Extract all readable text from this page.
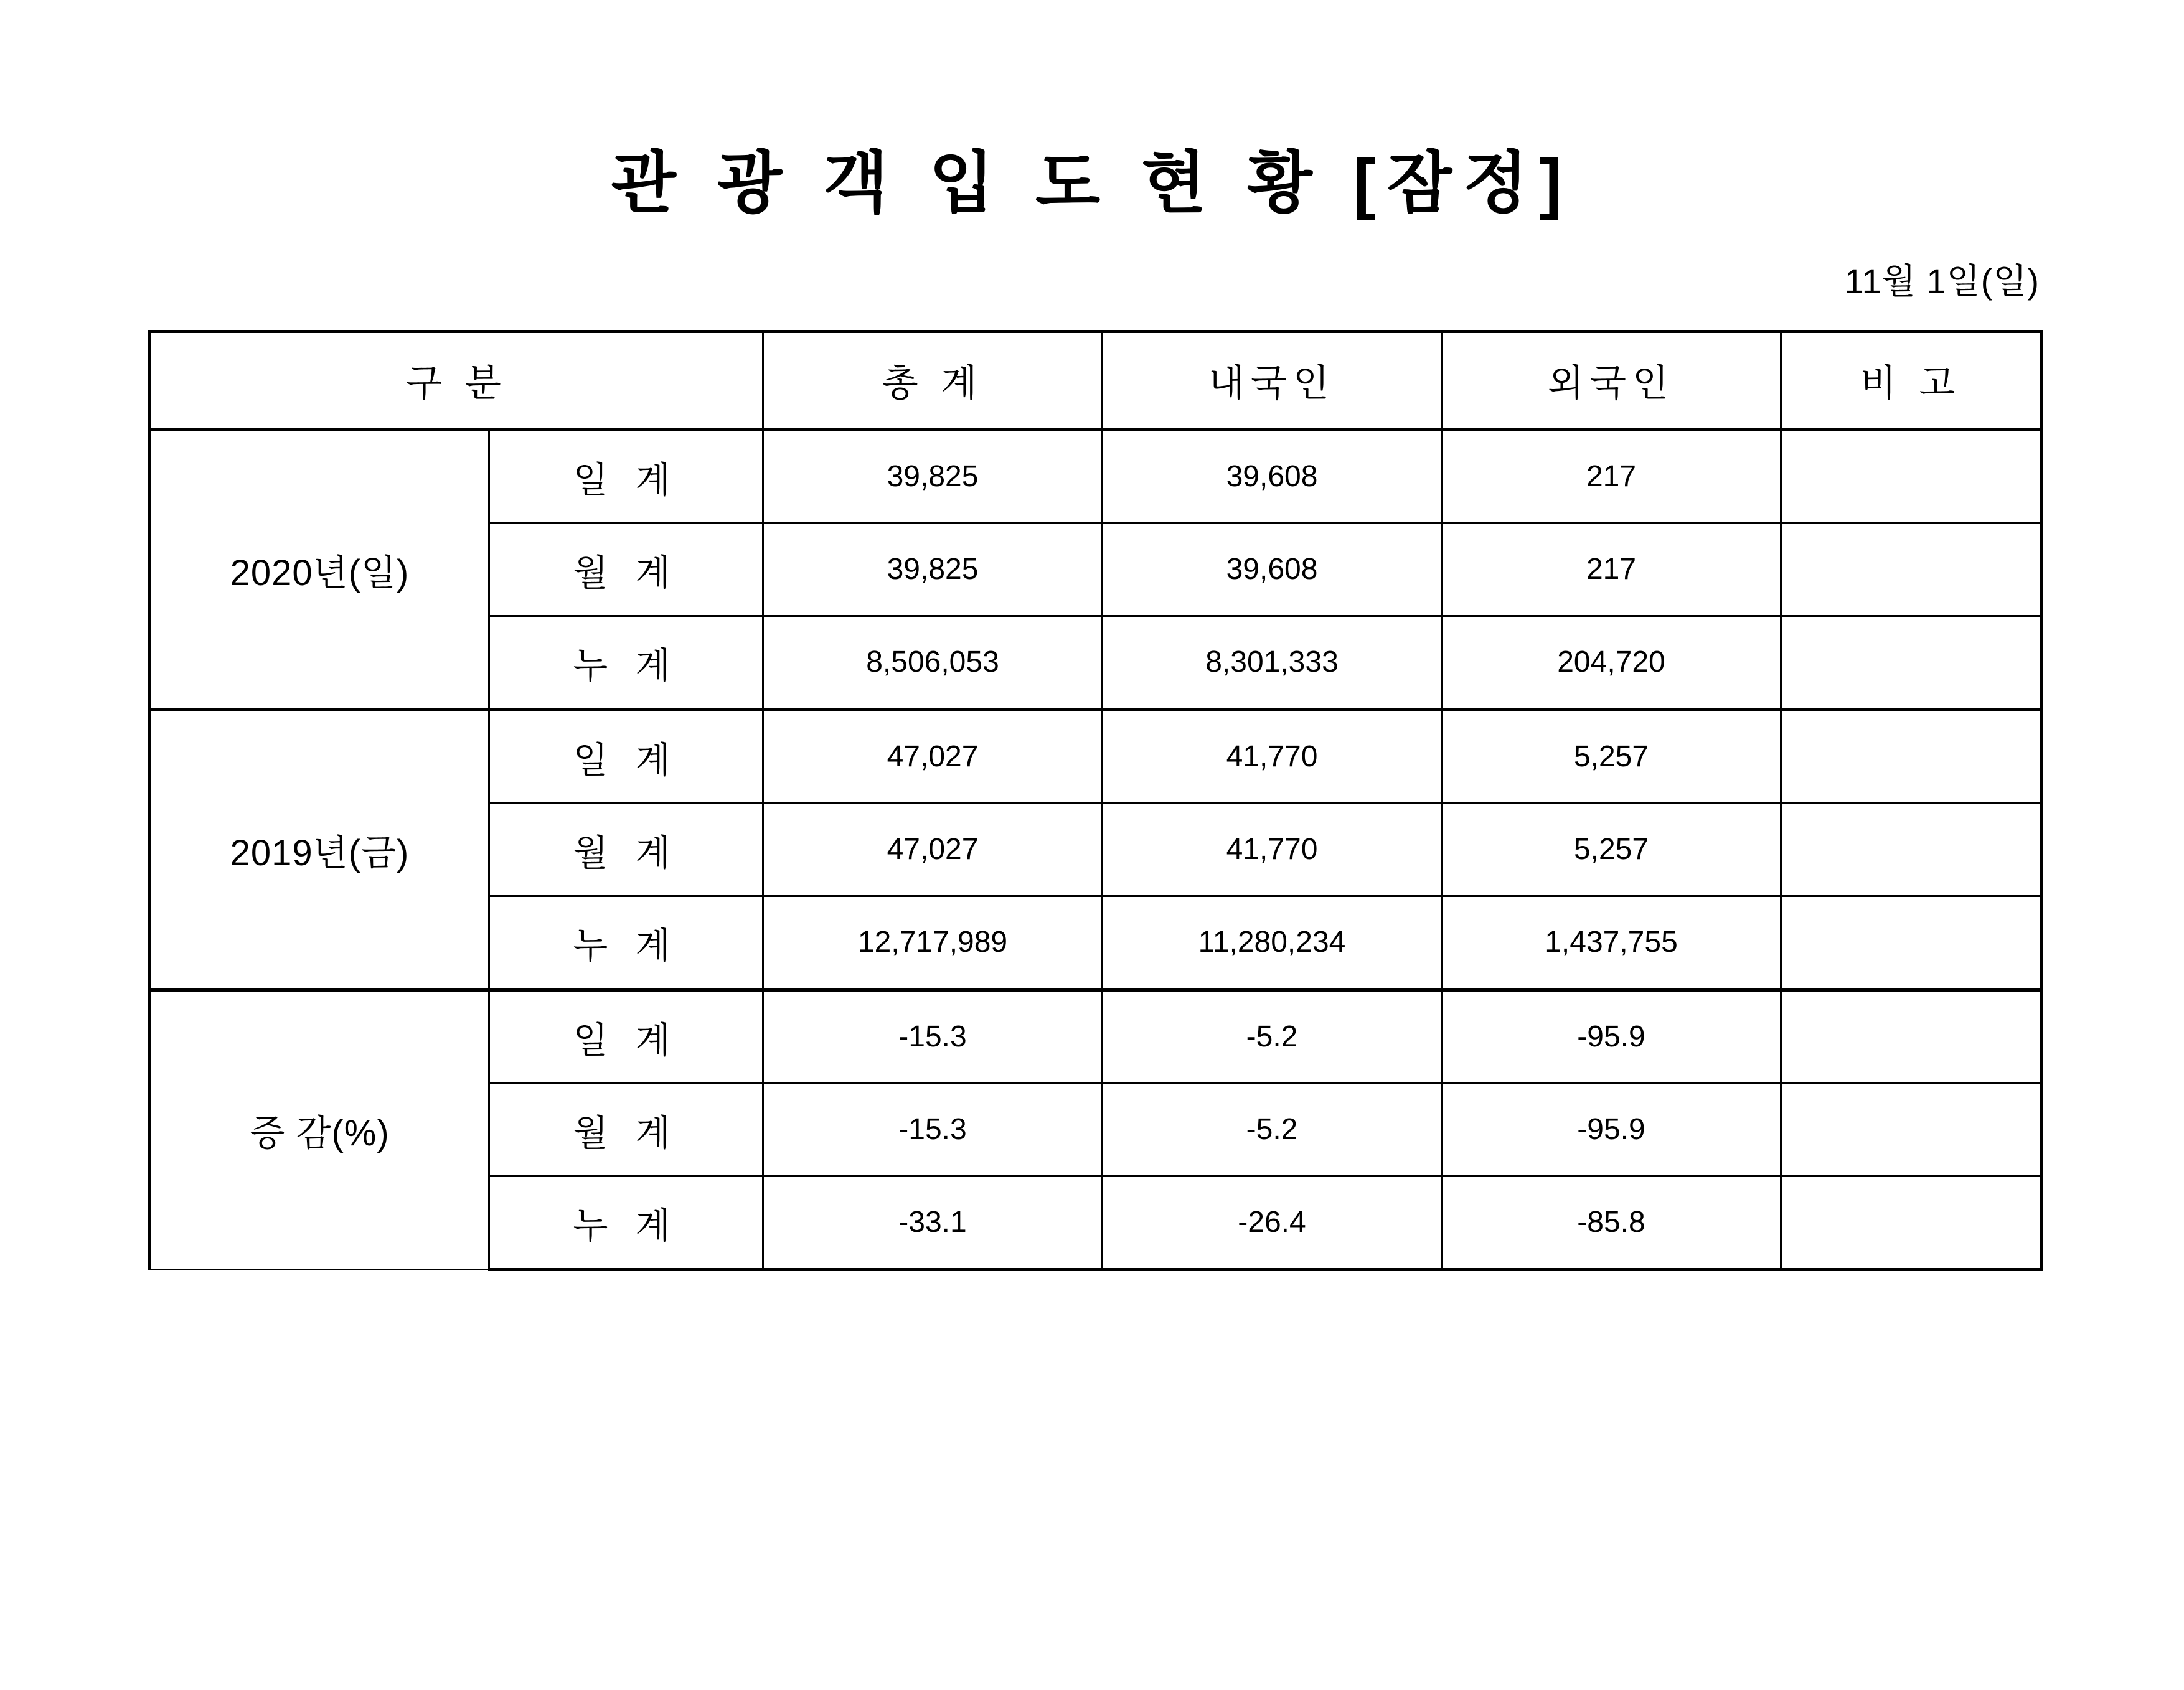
관 광 객 입 도 현 황 [잠정]
11월 1일(일)
구 분		총 계	내국인	외국인	비 고
2020년(일)	일 계	39,825	39,608	217	
	월 계	39,825	39,608	217	
	누 계	8,506,053	8,301,333	204,720	
2019년(금)	일 계	47,027	41,770	5,257	
	월 계	47,027	41,770	5,257	
	누 계	12,717,989	11,280,234	1,437,755	
증 감(%)	일 계	-15.3	-5.2	-95.9	
	월 계	-15.3	-5.2	-95.9	
	누 계	-33.1	-26.4	-85.8	
